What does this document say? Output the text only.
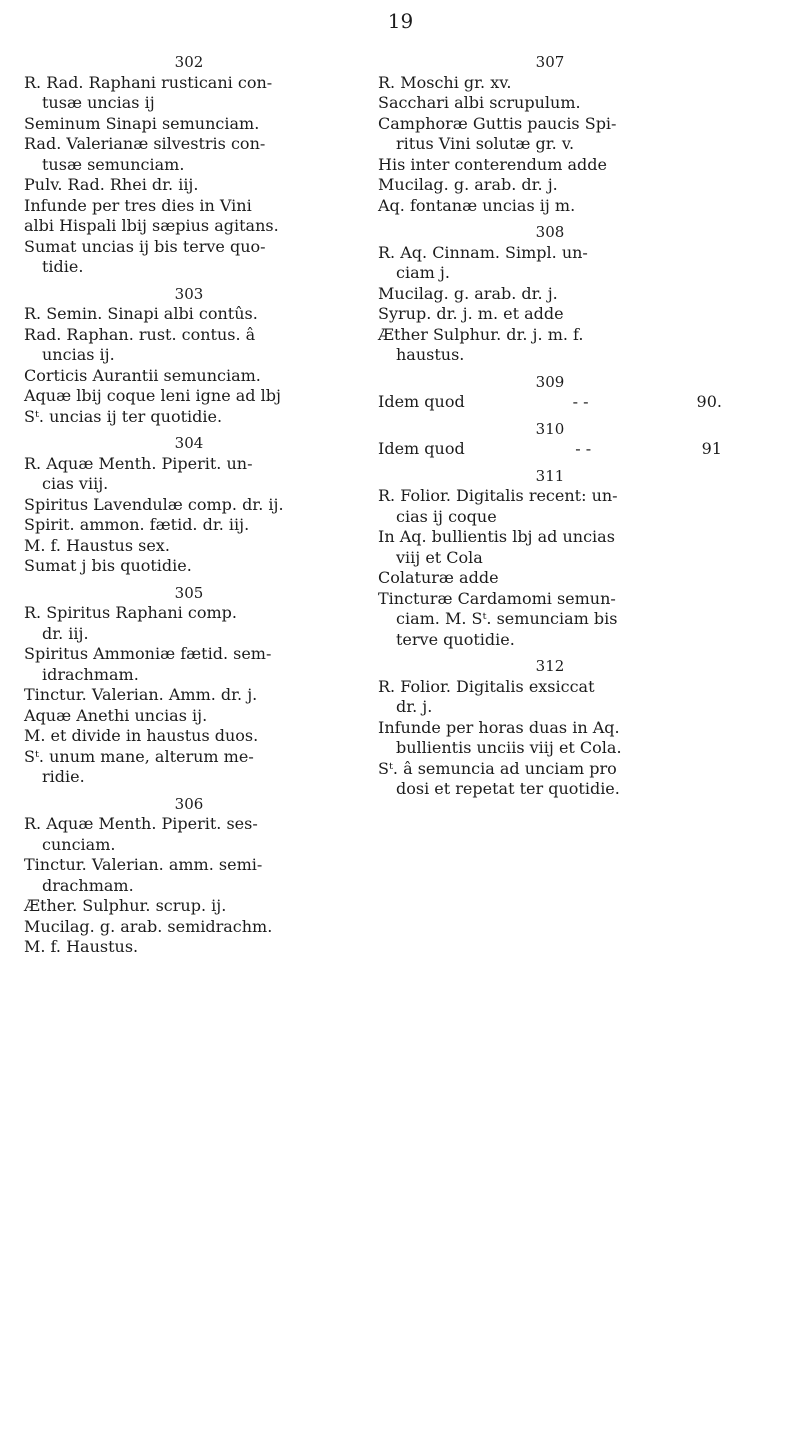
19
302
R. Rad. Raphani rusticani con-
tusæ uncias ij
Seminum Sinapi semunciam.
Rad. Valerianæ silvestris con-
tusæ semunciam.
Pulv. Rad. Rhei dr. iij.
Infunde per tres dies in Vini
albi Hispali lbij sæpius agitans.
Sumat uncias ij bis terve quo-
tidie.
303
R. Semin. Sinapi albi contûs.
Rad. Raphan. rust. contus. â
uncias ij.
Corticis Aurantii semunciam.
Aquæ lbij coque leni igne ad lbj
Sᵗ. uncias ij ter quotidie.
304
R. Aquæ Menth. Piperit. un-
cias viij.
Spiritus Lavendulæ comp. dr. ij.
Spirit. ammon. fætid. dr. iij.
M. f. Haustus sex.
Sumat j bis quotidie.
305
R. Spiritus Raphani comp.
dr. iij.
Spiritus Ammoniæ fætid. sem-
idrachmam.
Tinctur. Valerian. Amm. dr. j.
Aquæ Anethi uncias ij.
M. et divide in haustus duos.
Sᵗ. unum mane, alterum me-
ridie.
306
R. Aquæ Menth. Piperit. ses-
cunciam.
Tinctur. Valerian. amm. semi-
drachmam.
Æther. Sulphur. scrup. ij.
Mucilag. g. arab. semidrachm.
M. f. Haustus.
307
R. Moschi gr. xv.
Sacchari albi scrupulum.
Camphoræ Guttis paucis Spi-
ritus Vini solutæ gr. v.
His inter conterendum adde
Mucilag. g. arab. dr. j.
Aq. fontanæ uncias ij m.
308
R. Aq. Cinnam. Simpl. un-
ciam j.
Mucilag. g. arab. dr. j.
Syrup. dr. j. m. et adde
Æther Sulphur. dr. j. m. f.
haustus.
309
Idem quod	- -	90.
310
Idem quod	- -	91
311
R. Folior. Digitalis recent: un-
cias ij coque
In Aq. bullientis lbj ad uncias
viij et Cola
Colaturæ adde
Tincturæ Cardamomi semun-
ciam. M. Sᵗ. semunciam bis
terve quotidie.
312
R. Folior. Digitalis exsiccat
dr. j.
Infunde per horas duas in Aq.
bullientis unciis viij et Cola.
Sᵗ. â semuncia ad unciam pro
dosi et repetat ter quotidie.
